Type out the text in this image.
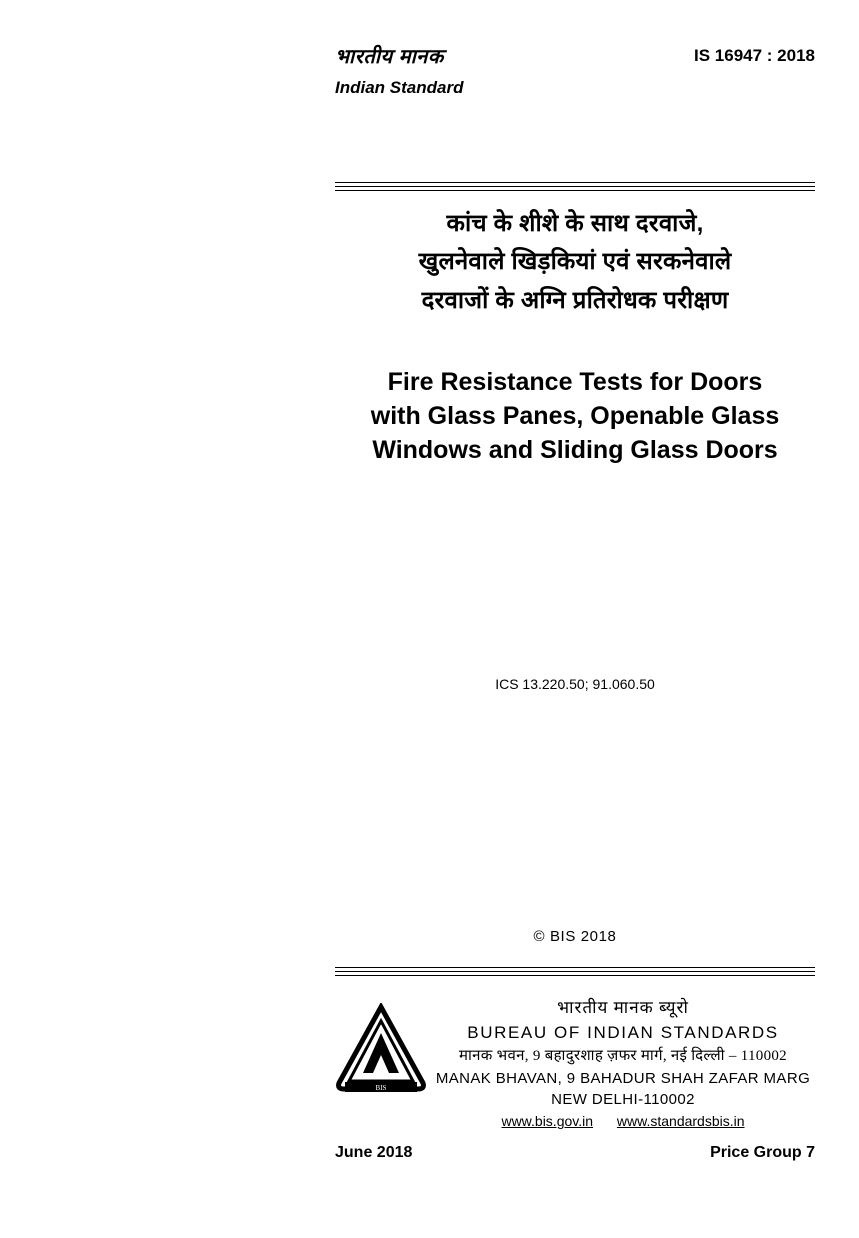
भारतीय मानक
Indian Standard
IS 16947 : 2018
कांच के शीशे के साथ दरवाजे,
खुलनेवाले खिड़कियां एवं सरकनेवाले
दरवाजों के अग्नि प्रतिरोधक परीक्षण
Fire Resistance Tests for Doors
with Glass Panes, Openable Glass
Windows and Sliding Glass Doors
ICS 13.220.50; 91.060.50
© BIS 2018
BIS
भारतीय मानक ब्यूरो
BUREAU OF INDIAN STANDARDS
मानक भवन, 9 बहादुरशाह ज़फर मार्ग, नई दिल्ली – 110002
MANAK BHAVAN, 9 BAHADUR SHAH ZAFAR MARG
NEW DELHI-110002
www.bis.gov.in www.standardsbis.in
June 2018	Price Group 7
